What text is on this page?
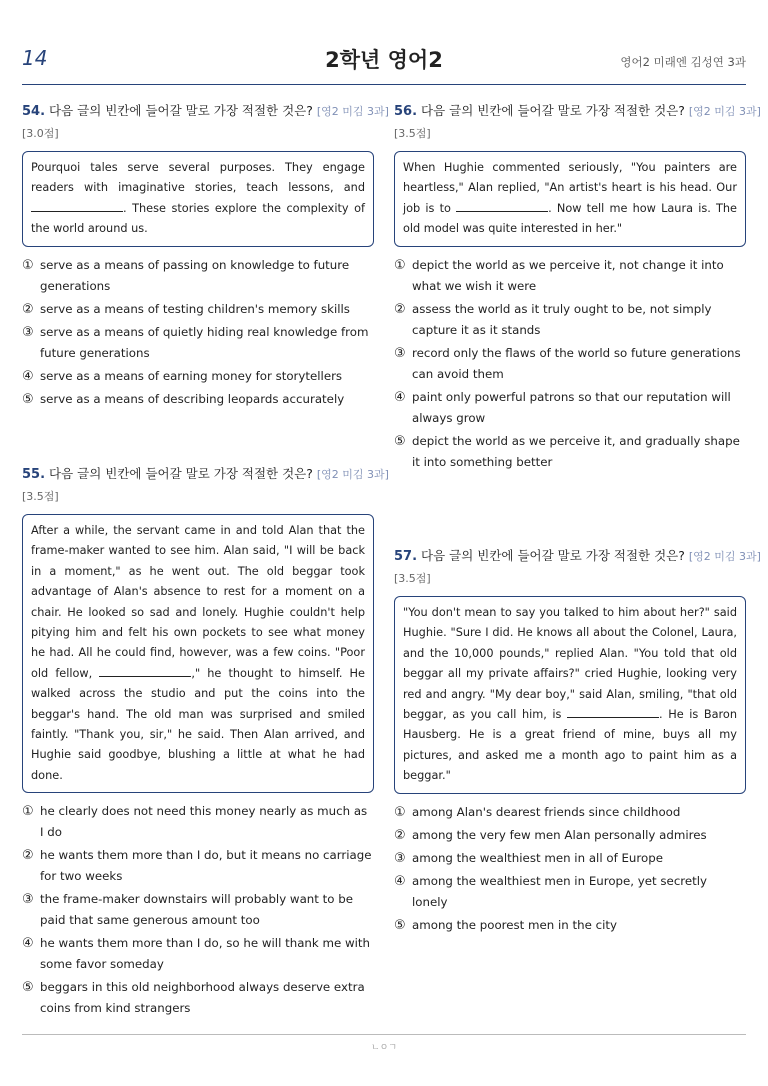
14	2학년 영어2	영어2 미래엔 김성연 3과
54. 다음 글의 빈칸에 들어갈 말로 가장 적절한 것은? [영2 미김 3과]
[3.0점]
Pourquoi tales serve several purposes. They engage readers with imaginative stories, teach lessons, and . These stories explore the complexity of the world around us.
① serve as a means of passing on knowledge to future generations
② serve as a means of testing children's memory skills
③ serve as a means of quietly hiding real knowledge from future generations
④ serve as a means of earning money for storytellers
⑤ serve as a means of describing leopards accurately
55. 다음 글의 빈칸에 들어갈 말로 가장 적절한 것은? [영2 미김 3과]
[3.5점]
After a while, the servant came in and told Alan that the frame-maker wanted to see him. Alan said, "I will be back in a moment," as he went out. The old beggar took advantage of Alan's absence to rest for a moment on a chair. He looked so sad and lonely. Hughie couldn't help pitying him and felt his own pockets to see what money he had. All he could find, however, was a few coins. "Poor old fellow,	," he thought to himself. He walked across the studio and put the coins into the beggar's hand. The old man was surprised and smiled faintly. "Thank you, sir," he said. Then Alan arrived, and Hughie said goodbye, blushing a little at what he had done.
① he clearly does not need this money nearly as much as I do
② he wants them more than I do, but it means no carriage for two weeks
③ the frame-maker downstairs will probably want to be paid that same generous amount too
④ he wants them more than I do, so he will thank me with some favor someday
⑤ beggars in this old neighborhood always deserve extra coins from kind strangers
56. 다음 글의 빈칸에 들어갈 말로 가장 적절한 것은? [영2 미김 3과]
[3.5점]
When Hughie commented seriously, "You painters are heartless," Alan replied, "An artist's heart is his head. Our job is to	. Now tell me how Laura is. The old model was quite interested in her."
① depict the world as we perceive it, not change it into what we wish it were
② assess the world as it truly ought to be, not simply capture it as it stands
③ record only the flaws of the world so future generations can avoid them
④ paint only powerful patrons so that our reputation will always grow
⑤ depict the world as we perceive it, and gradually shape it into something better
57. 다음 글의 빈칸에 들어갈 말로 가장 적절한 것은? [영2 미김 3과]
[3.5점]
"You don't mean to say you talked to him about her?" said Hughie. "Sure I did. He knows all about the Colonel, Laura, and the 10,000 pounds," replied Alan. "You told that old beggar all my private affairs?" cried Hughie, looking very red and angry. "My dear boy," said Alan, smiling, "that old beggar, as you call him, is	. He is Baron Hausberg. He is a great friend of mine, buys all my pictures, and asked me a month ago to paint him as a beggar."
① among Alan's dearest friends since childhood
② among the very few men Alan personally admires
③ among the wealthiest men in all of Europe
④ among the wealthiest men in Europe, yet secretly lonely
⑤ among the poorest men in the city
ㄴㅇㄱ
